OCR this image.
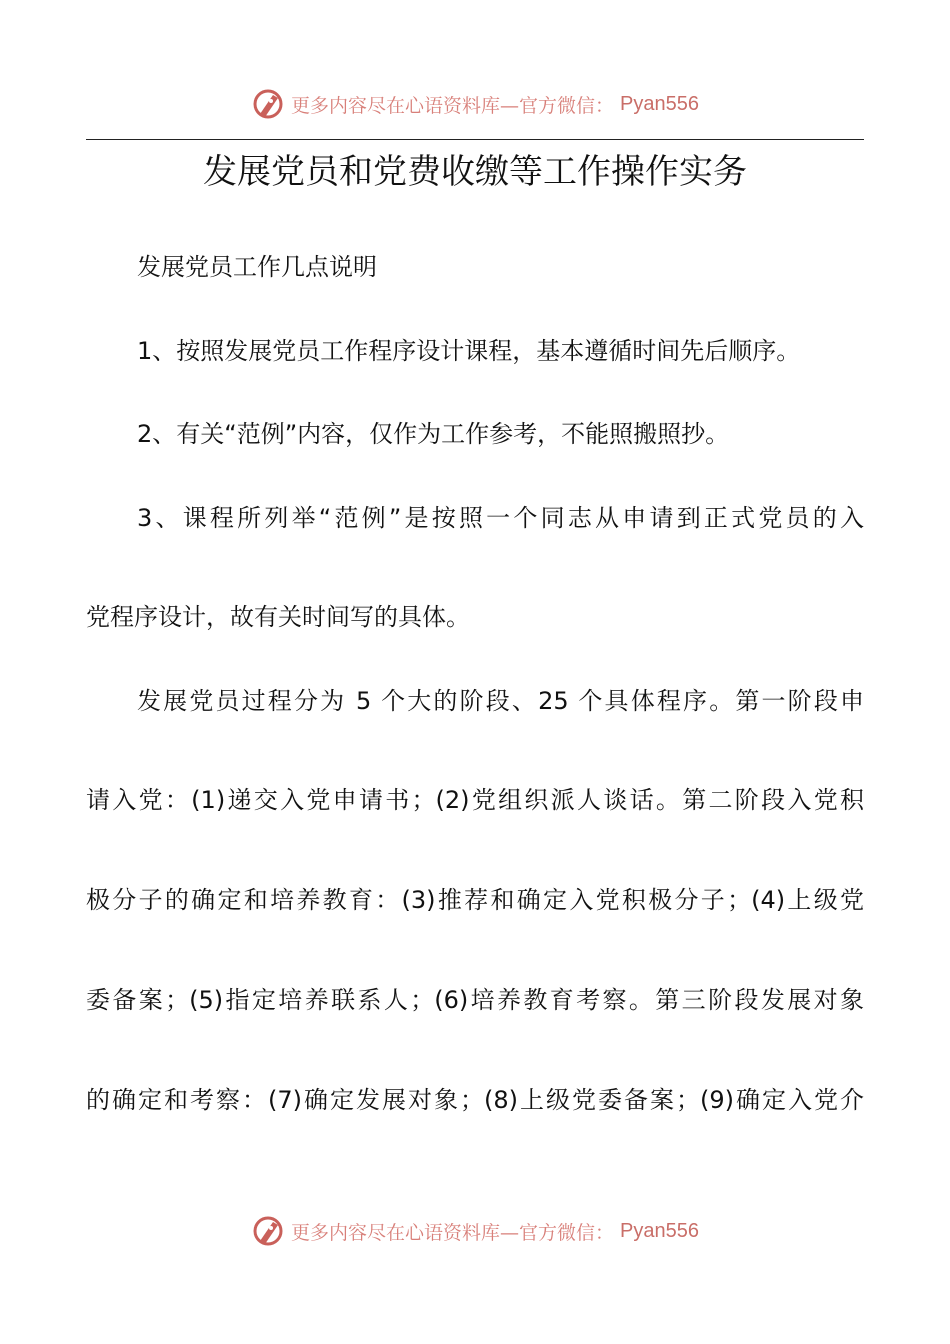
更多内容尽在心语资料库—官方微信： Pyan556
发展党员和党费收缴等工作操作实务

发展党员工作几点说明

1、按照发展党员工作程序设计课程，基本遵循时间先后顺序。

2、有关“范例”内容，仅作为工作参考，不能照搬照抄。

3、课程所列举“范例”是按照一个同志从申请到正式党员的入

党程序设计，故有关时间写的具体。

发展党员过程分为 5 个大的阶段、25 个具体程序。第一阶段申

请入党：(1)递交入党申请书；(2)党组织派人谈话。第二阶段入党积

极分子的确定和培养教育：(3)推荐和确定入党积极分子；(4)上级党

委备案；(5)指定培养联系人；(6)培养教育考察。第三阶段发展对象

的确定和考察：(7)确定发展对象；(8)上级党委备案；(9)确定入党介

更多内容尽在心语资料库—官方微信： Pyan556
